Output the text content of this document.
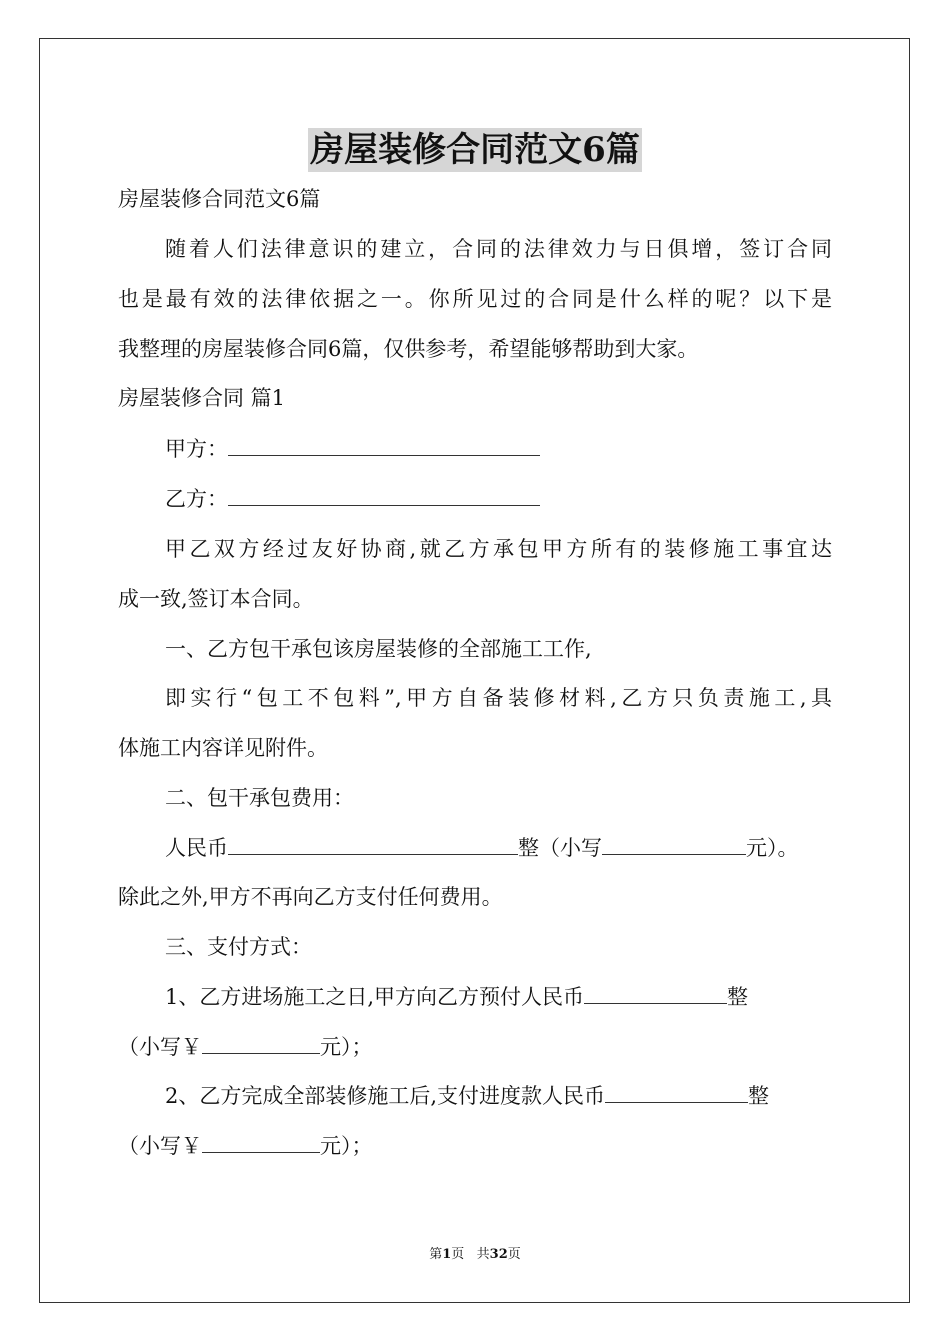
房屋装修合同范文6篇
房屋装修合同范文6篇
随着人们法律意识的建立，合同的法律效力与日俱增，签订合同
也是最有效的法律依据之一。你所见过的合同是什么样的呢？以下是
我整理的房屋装修合同6篇，仅供参考，希望能够帮助到大家。
房屋装修合同 篇1
甲方：
乙方：
甲乙双方经过友好协商,就乙方承包甲方所有的装修施工事宜达
成一致,签订本合同。
一、乙方包干承包该房屋装修的全部施工工作,
即实行“包工不包料”,甲方自备装修材料,乙方只负责施工,具
体施工内容详见附件。
二、包干承包费用：
人民币	整（小写	元）。
除此之外,甲方不再向乙方支付任何费用。
三、支付方式：
1、乙方进场施工之日,甲方向乙方预付人民币	整
（小写￥	元）；
2、乙方完成全部装修施工后,支付进度款人民币	整
（小写￥	元）；
第1页   共32页
